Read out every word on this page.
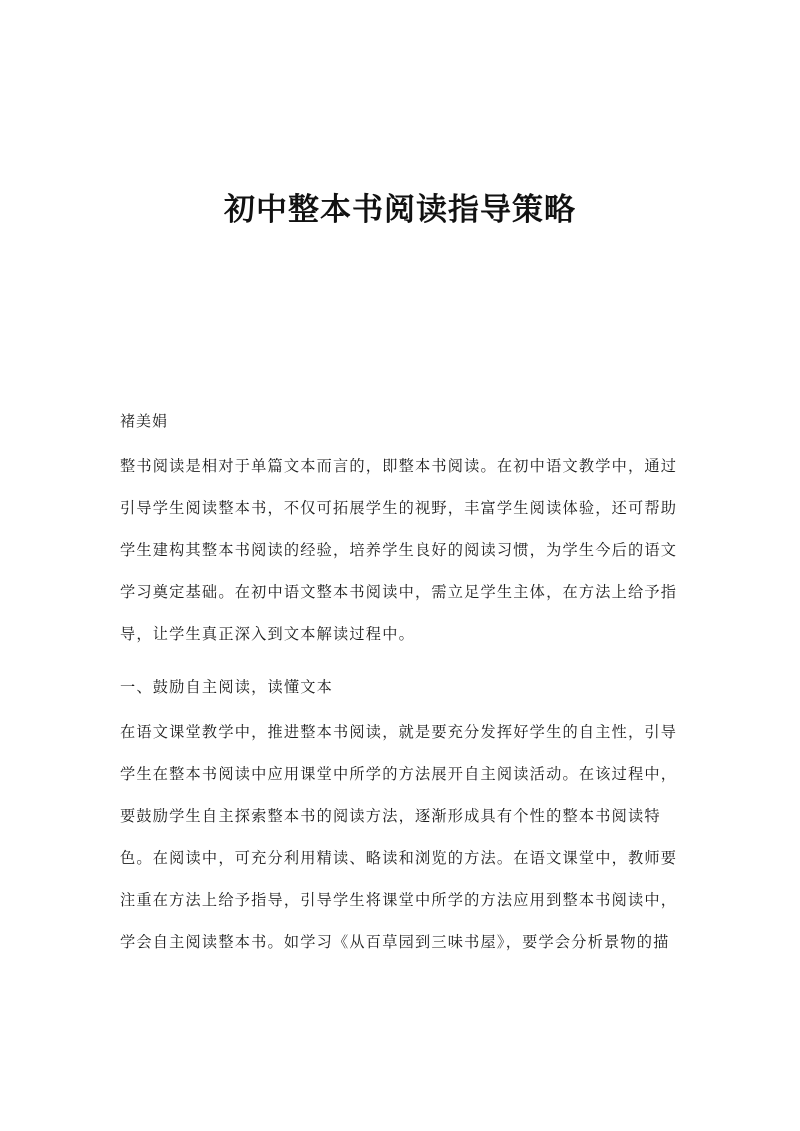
初中整本书阅读指导策略
褚美娟
整书阅读是相对于单篇文本而言的，即整本书阅读。在初中语文教学中，通过
引导学生阅读整本书，不仅可拓展学生的视野，丰富学生阅读体验，还可帮助
学生建构其整本书阅读的经验，培养学生良好的阅读习惯，为学生今后的语文
学习奠定基础。在初中语文整本书阅读中，需立足学生主体，在方法上给予指
导，让学生真正深入到文本解读过程中。
一、鼓励自主阅读，读懂文本
在语文课堂教学中，推进整本书阅读，就是要充分发挥好学生的自主性，引导
学生在整本书阅读中应用课堂中所学的方法展开自主阅读活动。在该过程中，
要鼓励学生自主探索整本书的阅读方法，逐渐形成具有个性的整本书阅读特
色。在阅读中，可充分利用精读、略读和浏览的方法。在语文课堂中，教师要
注重在方法上给予指导，引导学生将课堂中所学的方法应用到整本书阅读中，
学会自主阅读整本书。如学习《从百草园到三味书屋》，要学会分析景物的描
